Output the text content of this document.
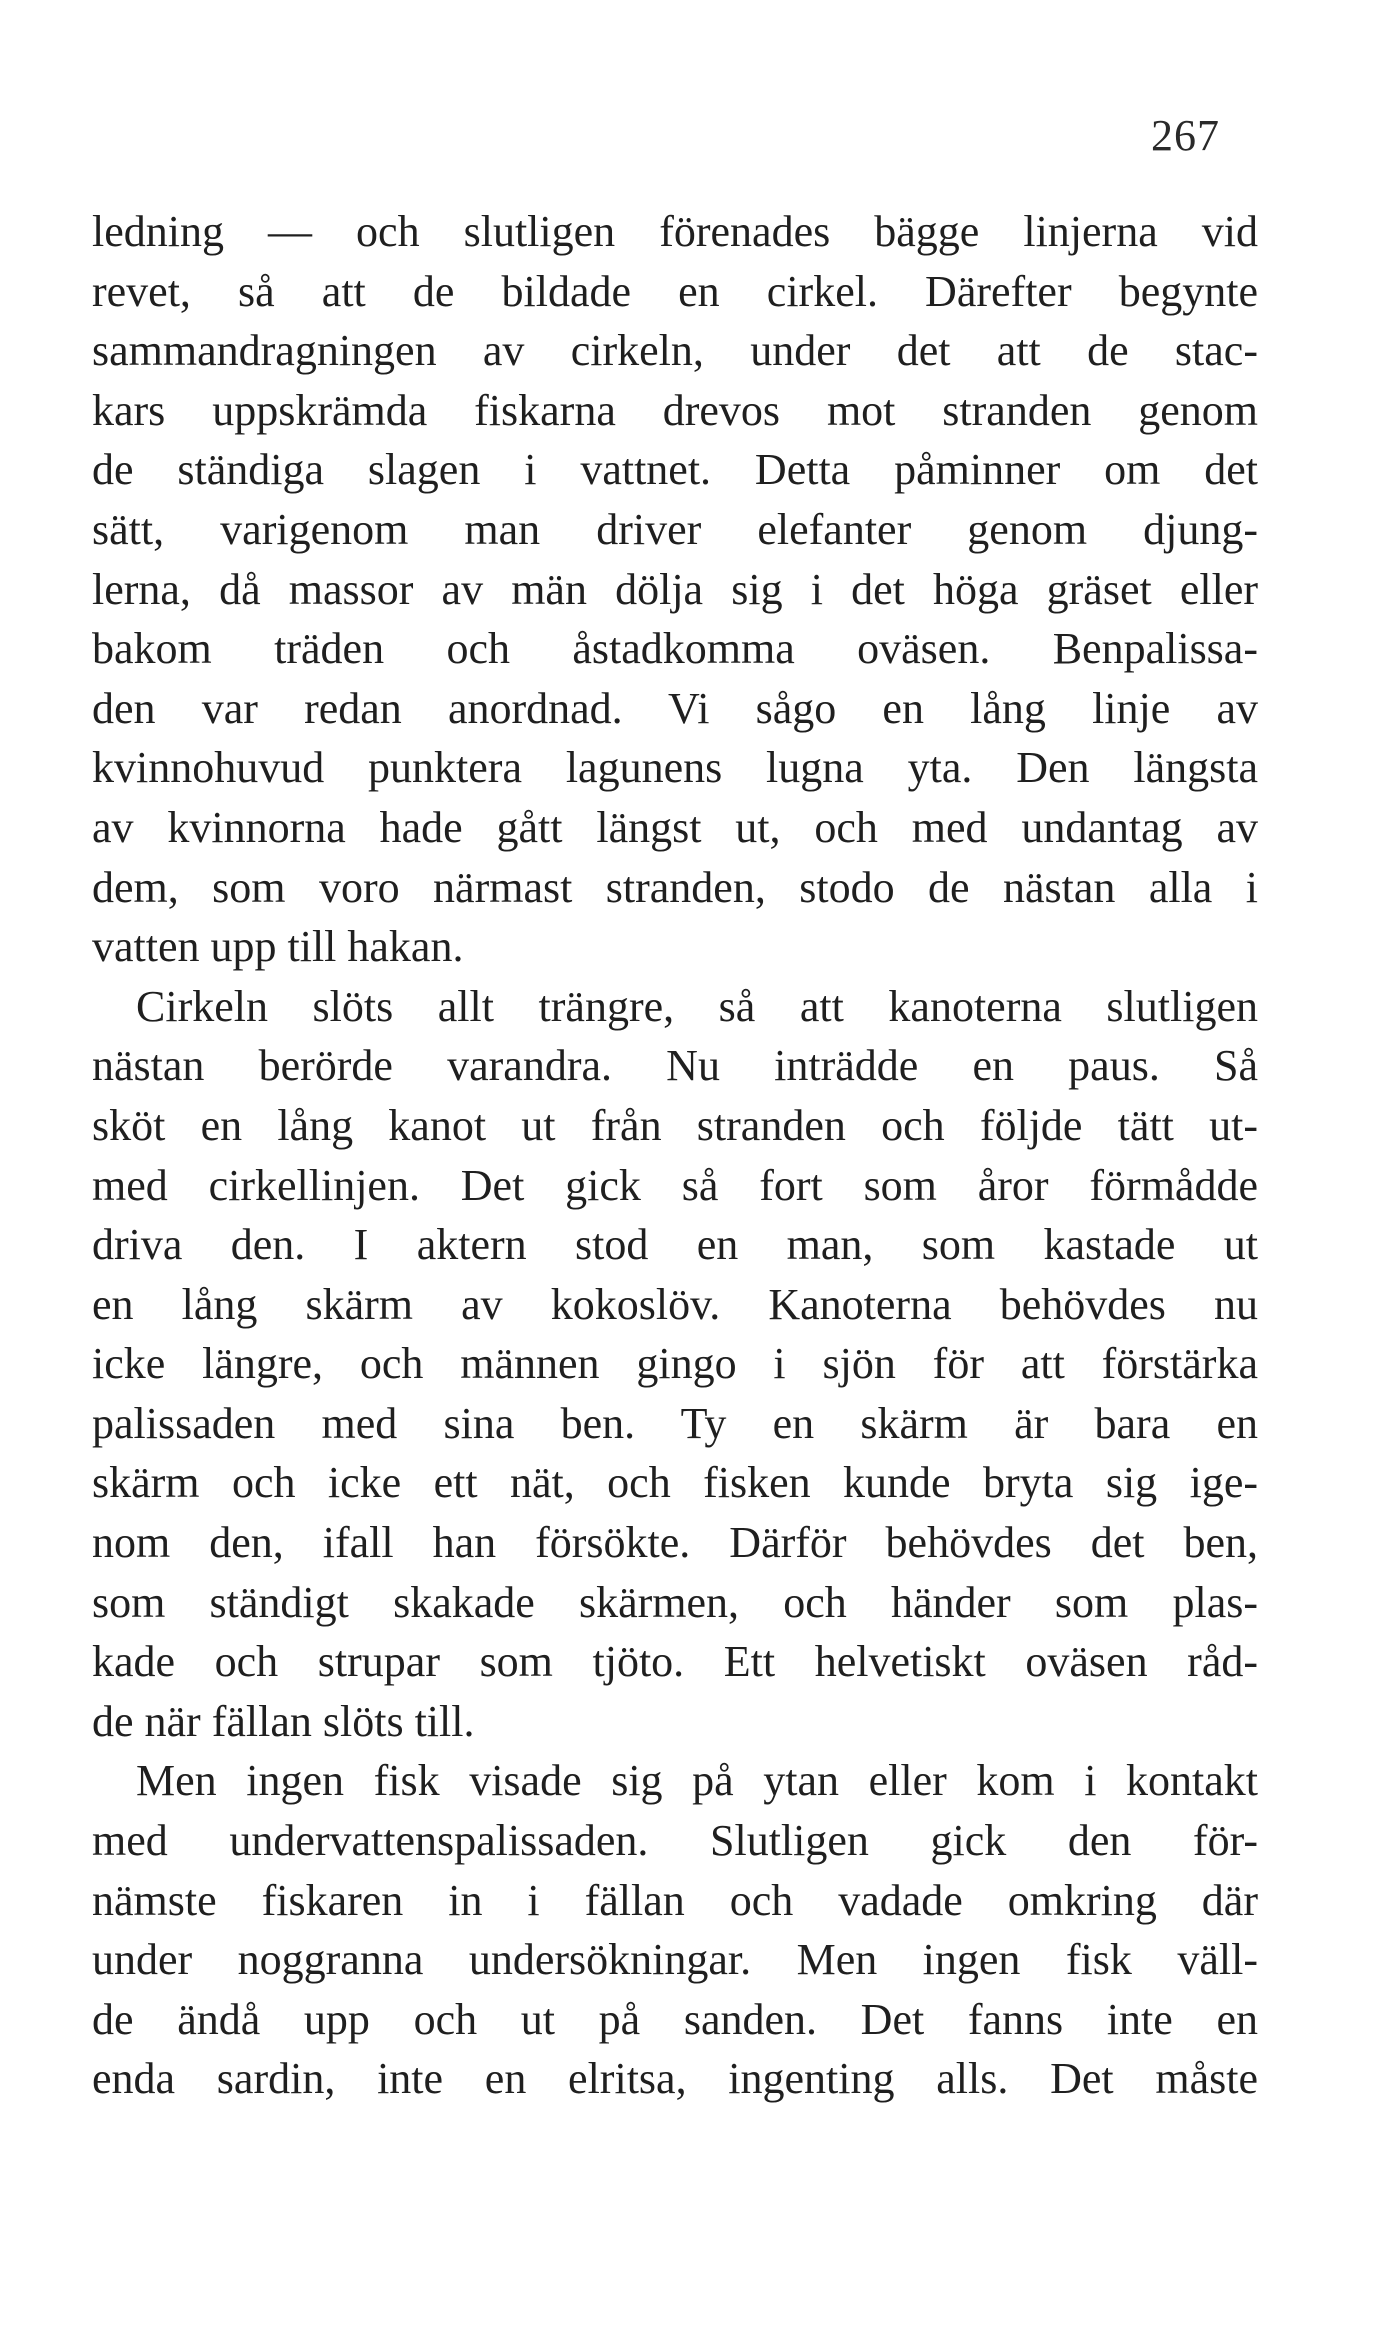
267
ledning — och slutligen förenades bägge linjerna vid
revet, så att de bildade en cirkel. Därefter begynte
sammandragningen av cirkeln, under det att de stac-
kars uppskrämda fiskarna drevos mot stranden genom
de ständiga slagen i vattnet. Detta påminner om det
sätt, varigenom man driver elefanter genom djung-
lerna, då massor av män dölja sig i det höga gräset eller
bakom träden och åstadkomma oväsen. Benpalissa-
den var redan anordnad. Vi sågo en lång linje av
kvinnohuvud punktera lagunens lugna yta. Den längsta
av kvinnorna hade gått längst ut, och med undantag av
dem, som voro närmast stranden, stodo de nästan alla i
vatten upp till hakan.
Cirkeln slöts allt trängre, så att kanoterna slutligen
nästan berörde varandra. Nu inträdde en paus. Så
sköt en lång kanot ut från stranden och följde tätt ut-
med cirkellinjen. Det gick så fort som åror förmådde
driva den. I aktern stod en man, som kastade ut
en lång skärm av kokoslöv. Kanoterna behövdes nu
icke längre, och männen gingo i sjön för att förstärka
palissaden med sina ben. Ty en skärm är bara en
skärm och icke ett nät, och fisken kunde bryta sig ige-
nom den, ifall han försökte. Därför behövdes det ben,
som ständigt skakade skärmen, och händer som plas-
kade och strupar som tjöto. Ett helvetiskt oväsen råd-
de när fällan slöts till.
Men ingen fisk visade sig på ytan eller kom i kontakt
med undervattenspalissaden. Slutligen gick den för-
nämste fiskaren in i fällan och vadade omkring där
under noggranna undersökningar. Men ingen fisk väll-
de ändå upp och ut på sanden. Det fanns inte en
enda sardin, inte en elritsa, ingenting alls. Det måste
